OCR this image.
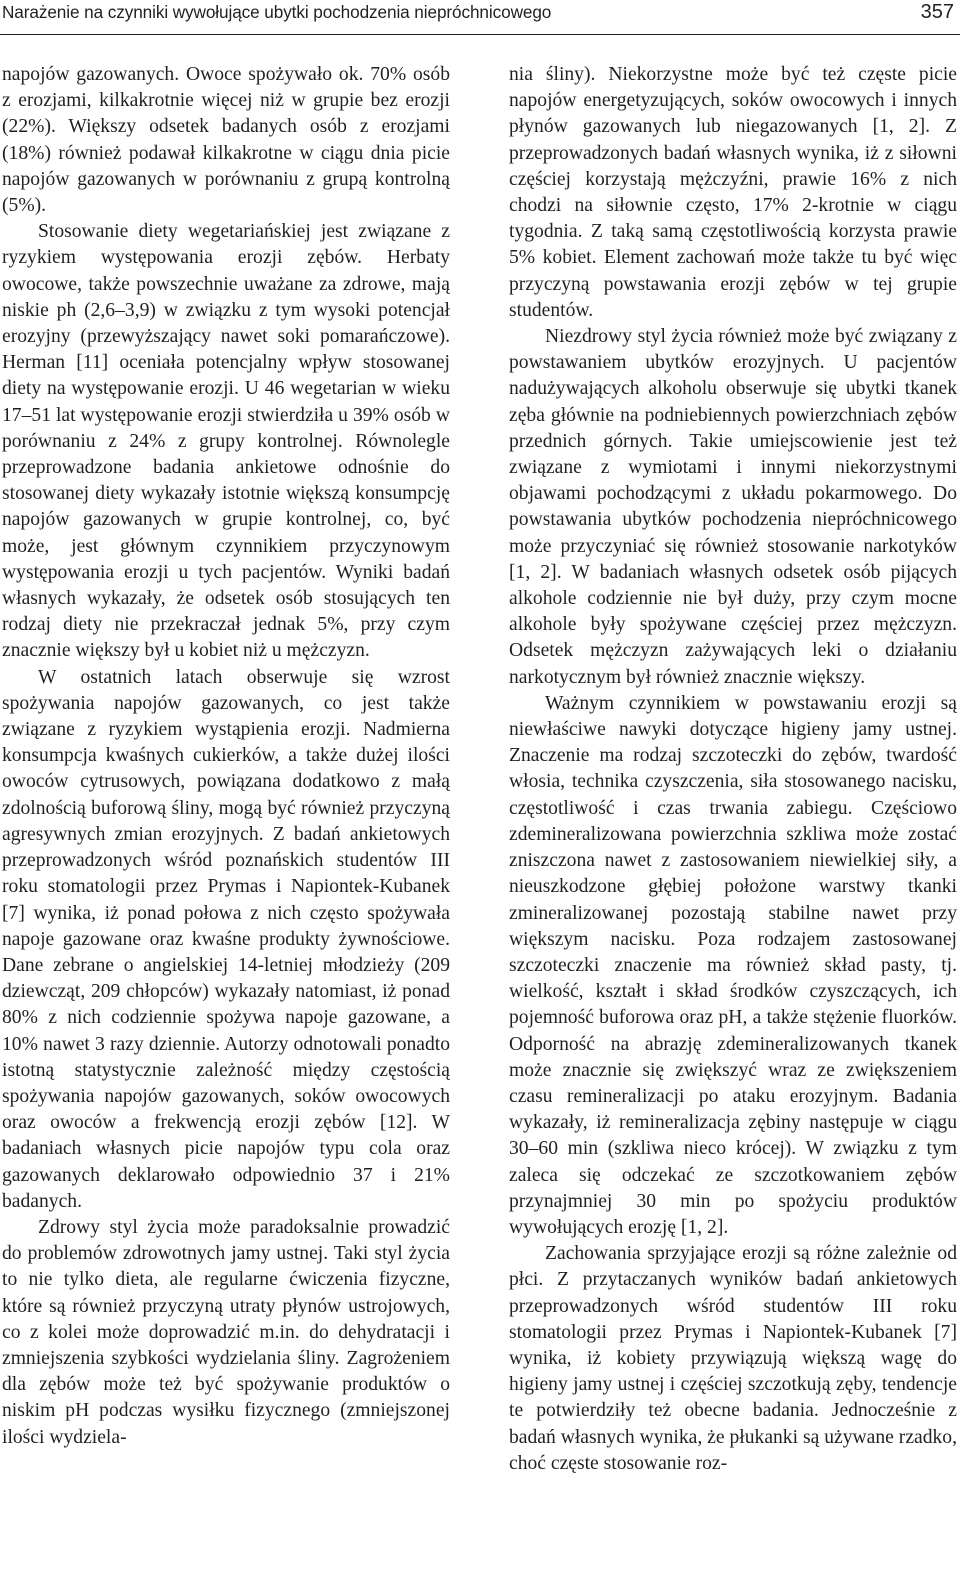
Narażenie na czynniki wywołujące ubytki pochodzenia niepróchnicowego	357

napojów gazowanych. Owoce spożywało ok. 70% osób z erozjami, kilkakrotnie więcej niż w grupie bez erozji (22%). Większy odsetek badanych osób z erozjami (18%) również podawał kilkakrotne w ciągu dnia picie napojów gazowanych w porównaniu z grupą kontrolną (5%).

Stosowanie diety wegetariańskiej jest związane z ryzykiem występowania erozji zębów. Herbaty owocowe, także powszechnie uważane za zdrowe, mają niskie ph (2,6–3,9) w związku z tym wysoki potencjał erozyjny (przewyższający nawet soki pomarańczowe). Herman [11] oceniała potencjalny wpływ stosowanej diety na występowanie erozji. U 46 wegetarian w wieku 17–51 lat występowanie erozji stwierdziła u 39% osób w porównaniu z 24% z grupy kontrolnej. Równolegle przeprowadzone badania ankietowe odnośnie do stosowanej diety wykazały istotnie większą konsumpcję napojów gazowanych w grupie kontrolnej, co, być może, jest głównym czynnikiem przyczynowym występowania erozji u tych pacjentów. Wyniki badań własnych wykazały, że odsetek osób stosujących ten rodzaj diety nie przekraczał jednak 5%, przy czym znacznie większy był u kobiet niż u mężczyzn.

W ostatnich latach obserwuje się wzrost spożywania napojów gazowanych, co jest także związane z ryzykiem wystąpienia erozji. Nadmierna konsumpcja kwaśnych cukierków, a także dużej ilości owoców cytrusowych, powiązana dodatkowo z małą zdolnością buforową śliny, mogą być również przyczyną agresywnych zmian erozyjnych. Z badań ankietowych przeprowadzonych wśród poznańskich studentów III roku stomatologii przez Prymas i Napiontek-Kubanek [7] wynika, iż ponad połowa z nich często spożywała napoje gazowane oraz kwaśne produkty żywnościowe. Dane zebrane o angielskiej 14-letniej młodzieży (209 dziewcząt, 209 chłopców) wykazały natomiast, iż ponad 80% z nich codziennie spożywa napoje gazowane, a 10% nawet 3 razy dziennie. Autorzy odnotowali ponadto istotną statystycznie zależność między częstością spożywania napojów gazowanych, soków owocowych oraz owoców a frekwencją erozji zębów [12]. W badaniach własnych picie napojów typu cola oraz gazowanych deklarowało odpowiednio 37 i 21% badanych.

Zdrowy styl życia może paradoksalnie prowadzić do problemów zdrowotnych jamy ustnej. Taki styl życia to nie tylko dieta, ale regularne ćwiczenia fizyczne, które są również przyczyną utraty płynów ustrojowych, co z kolei może doprowadzić m.in. do dehydratacji i zmniejszenia szybkości wydzielania śliny. Zagrożeniem dla zębów może też być spożywanie produktów o niskim pH podczas wysiłku fizycznego (zmniejszonej ilości wydziela-

nia śliny). Niekorzystne może być też częste picie napojów energetyzujących, soków owocowych i innych płynów gazowanych lub niegazowanych [1, 2]. Z przeprowadzonych badań własnych wynika, iż z siłowni częściej korzystają mężczyźni, prawie 16% z nich chodzi na siłownie często, 17% 2-krotnie w ciągu tygodnia. Z taką samą częstotliwością korzysta prawie 5% kobiet. Element zachowań może także tu być więc przyczyną powstawania erozji zębów w tej grupie studentów.

Niezdrowy styl życia również może być związany z powstawaniem ubytków erozyjnych. U pacjentów nadużywających alkoholu obserwuje się ubytki tkanek zęba głównie na podniebiennych powierzchniach zębów przednich górnych. Takie umiejscowienie jest też związane z wymiotami i innymi niekorzystnymi objawami pochodzącymi z układu pokarmowego. Do powstawania ubytków pochodzenia niepróchnicowego może przyczyniać się również stosowanie narkotyków [1, 2]. W badaniach własnych odsetek osób pijących alkohole codziennie nie był duży, przy czym mocne alkohole były spożywane częściej przez mężczyzn. Odsetek mężczyzn zażywających leki o działaniu narkotycznym był również znacznie większy.

Ważnym czynnikiem w powstawaniu erozji są niewłaściwe nawyki dotyczące higieny jamy ustnej. Znaczenie ma rodzaj szczoteczki do zębów, twardość włosia, technika czyszczenia, siła stosowanego nacisku, częstotliwość i czas trwania zabiegu. Częściowo zdemineralizowana powierzchnia szkliwa może zostać zniszczona nawet z zastosowaniem niewielkiej siły, a nieuszkodzone głębiej położone warstwy tkanki zmineralizowanej pozostają stabilne nawet przy większym nacisku. Poza rodzajem zastosowanej szczoteczki znaczenie ma również skład pasty, tj. wielkość, kształt i skład środków czyszczących, ich pojemność buforowa oraz pH, a także stężenie fluorków. Odporność na abrazję zdemineralizowanych tkanek może znacznie się zwiększyć wraz ze zwiększeniem czasu remineralizacji po ataku erozyjnym. Badania wykazały, iż remineralizacja zębiny następuje w ciągu 30–60 min (szkliwa nieco krócej). W związku z tym zaleca się odczekać ze szczotkowaniem zębów przynajmniej 30 min po spożyciu produktów wywołujących erozję [1, 2].

Zachowania sprzyjające erozji są różne zależnie od płci. Z przytaczanych wyników badań ankietowych przeprowadzonych wśród studentów III roku stomatologii przez Prymas i Napiontek-Kubanek [7] wynika, iż kobiety przywiązują większą wagę do higieny jamy ustnej i częściej szczotkują zęby, tendencje te potwierdziły też obecne badania. Jednocześnie z badań własnych wynika, że płukanki są używane rzadko, choć częste stosowanie roz-
